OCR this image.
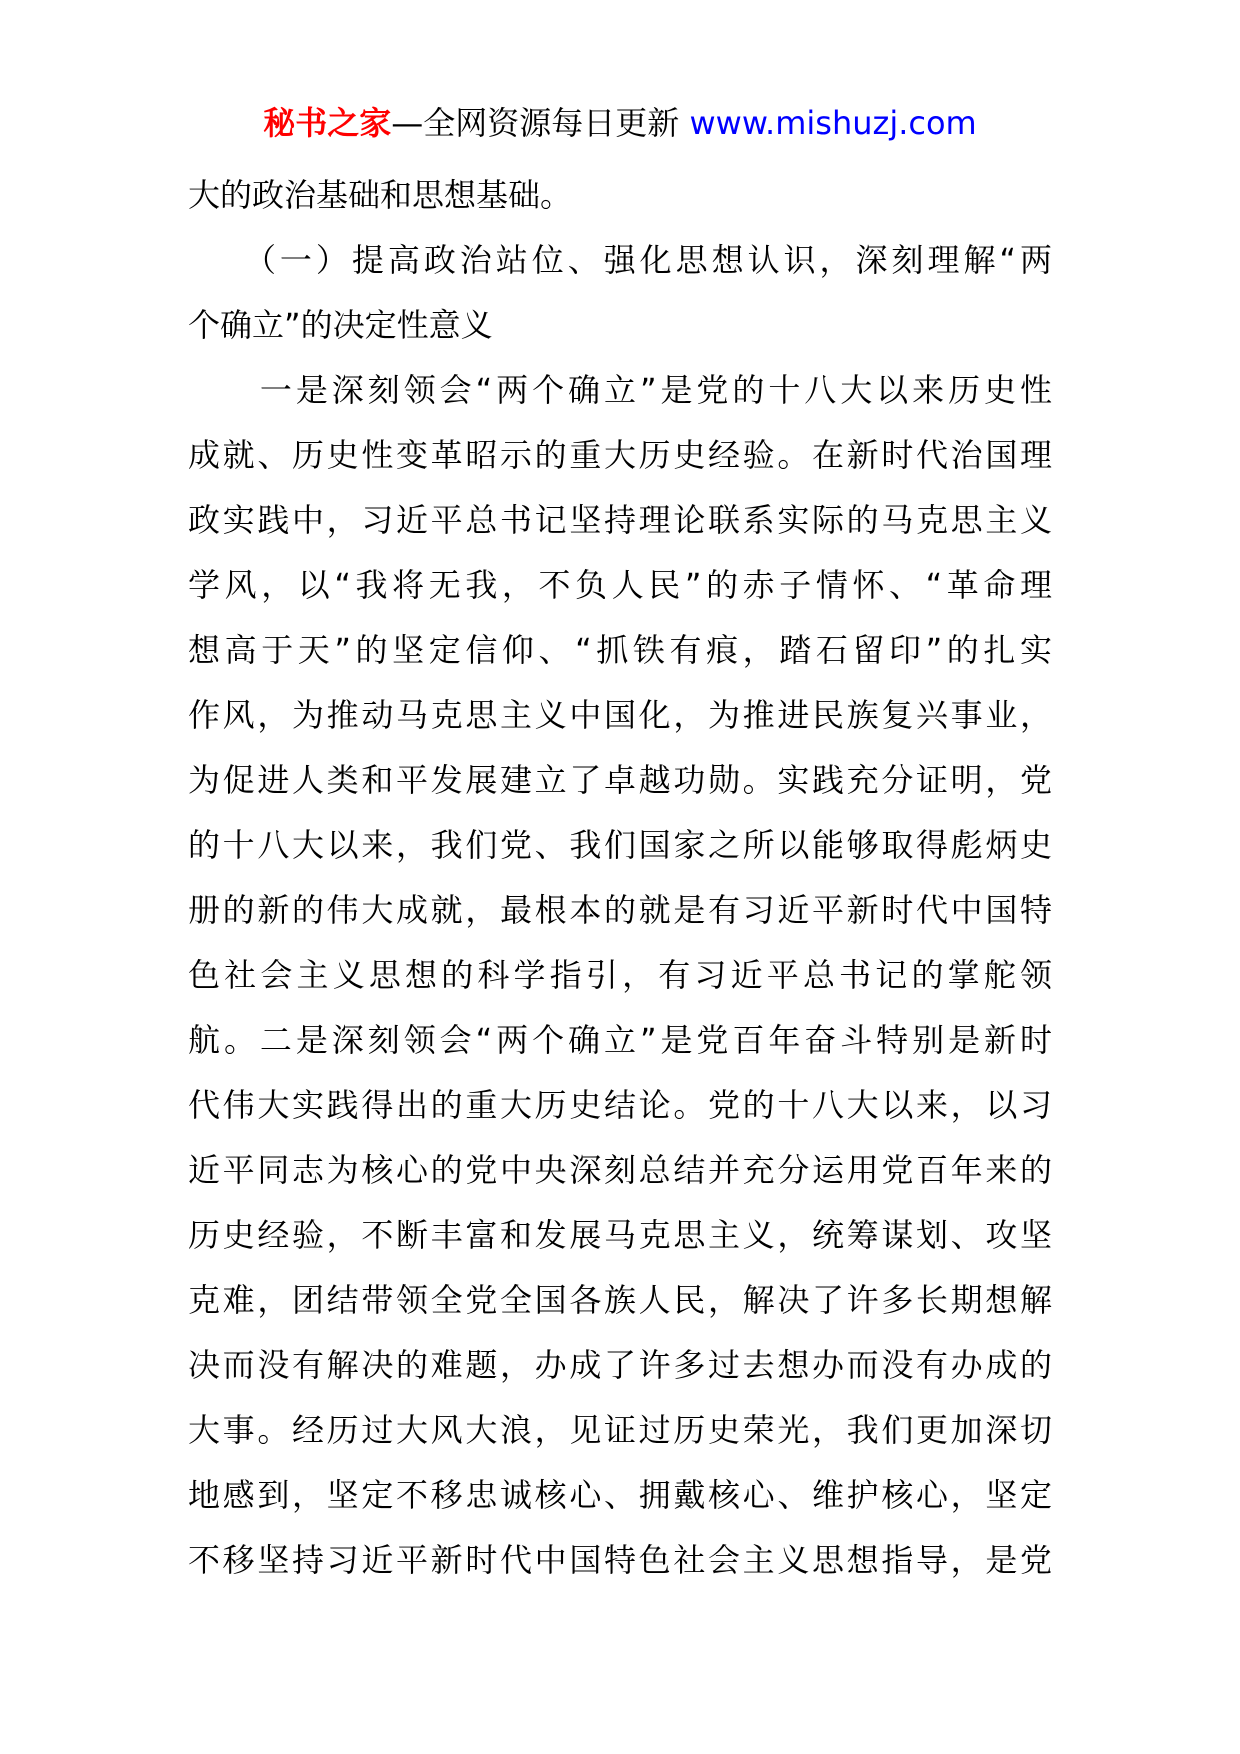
秘书之家—全网资源每日更新 www.mishuzj.com
大的政治基础和思想基础。
　　（一）提高政治站位、强化思想认识，深刻理解“两
个确立”的决定性意义
　　一是深刻领会“两个确立”是党的十八大以来历史性
成就、历史性变革昭示的重大历史经验。在新时代治国理
政实践中，习近平总书记坚持理论联系实际的马克思主义
学风，以“我将无我，不负人民”的赤子情怀、“革命理
想高于天”的坚定信仰、“抓铁有痕，踏石留印”的扎实
作风，为推动马克思主义中国化，为推进民族复兴事业，
为促进人类和平发展建立了卓越功勋。实践充分证明，党
的十八大以来，我们党、我们国家之所以能够取得彪炳史
册的新的伟大成就，最根本的就是有习近平新时代中国特
色社会主义思想的科学指引，有习近平总书记的掌舵领
航。二是深刻领会“两个确立”是党百年奋斗特别是新时
代伟大实践得出的重大历史结论。党的十八大以来，以习
近平同志为核心的党中央深刻总结并充分运用党百年来的
历史经验，不断丰富和发展马克思主义，统筹谋划、攻坚
克难，团结带领全党全国各族人民，解决了许多长期想解
决而没有解决的难题，办成了许多过去想办而没有办成的
大事。经历过大风大浪，见证过历史荣光，我们更加深切
地感到，坚定不移忠诚核心、拥戴核心、维护核心，坚定
不移坚持习近平新时代中国特色社会主义思想指导，是党
